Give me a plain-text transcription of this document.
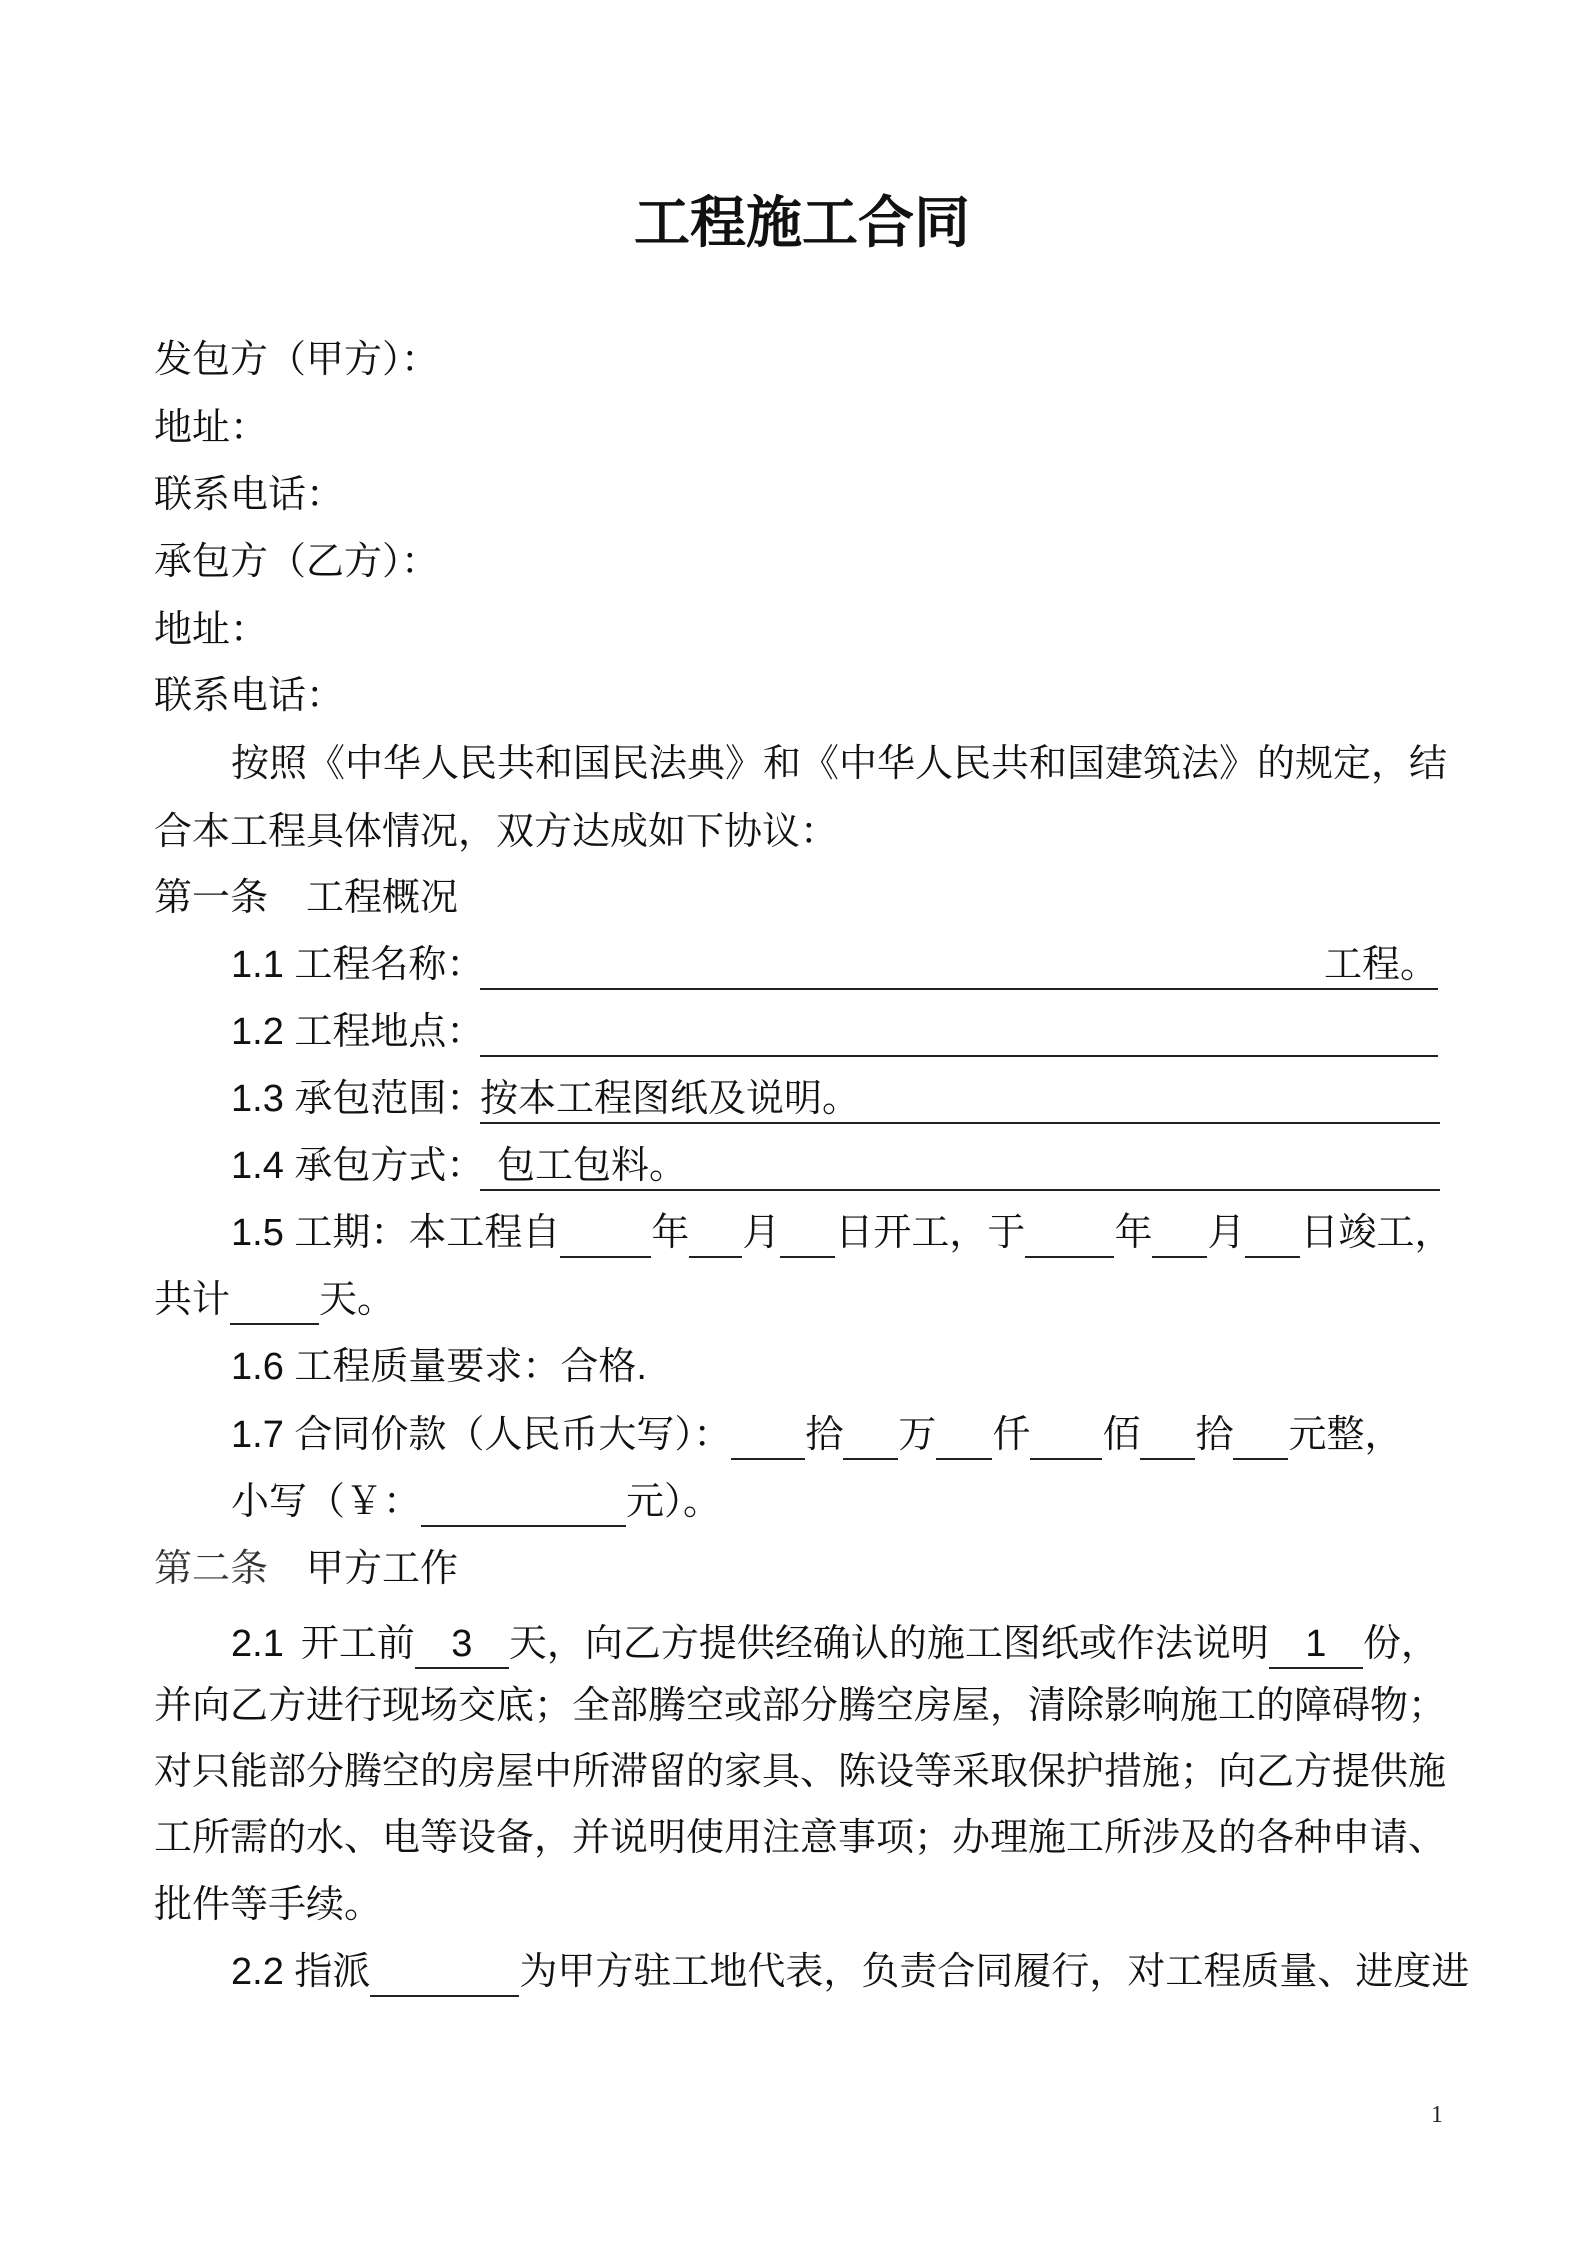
工程施工合同
发包方（甲方）：
地址：
联系电话：
承包方（乙方）：
地址：
联系电话：
按照《中华人民共和国民法典》和《中华人民共和国建筑法》的规定，结
合本工程具体情况，双方达成如下协议：
第一条 工程概况
1.1 工程名称：	工程。
1.2 工程地点：
1.3 承包范围：
按本工程图纸及说明。
1.4 承包方式： 包工包料。
1.5 工期：本工程自 年 月 日开工，于 年 月 日竣工，
共计 天。
1.6 工程质量要求：合格.
1.7 合同价款（人民币大写）： 拾 万 仟 佰 拾 元整，
小写（￥：	元）。
第二条 甲方工作
2.1 开工前 3 天，向乙方提供经确认的施工图纸或作法说明 1 份，
并向乙方进行现场交底；全部腾空或部分腾空房屋，清除影响施工的障碍物；
对只能部分腾空的房屋中所滞留的家具、陈设等采取保护措施；向乙方提供施
工所需的水、电等设备，并说明使用注意事项；办理施工所涉及的各种申请、
批件等手续。
2.2 指派	为甲方驻工地代表，负责合同履行，对工程质量、进度进
1
